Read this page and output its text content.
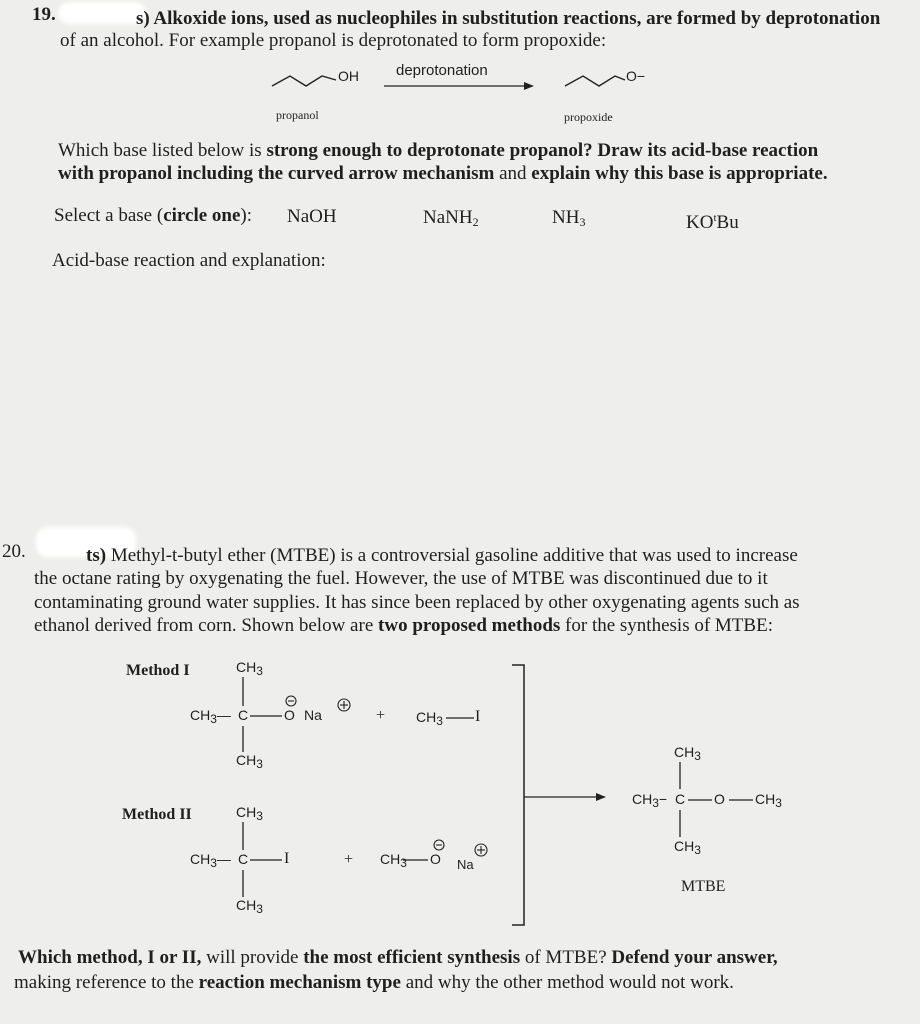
19.	s) Alkoxide ions, used as nucleophiles in substitution reactions, are formed by deprotonation
of an alcohol. For example propanol is deprotonated to form propoxide:
OH deprotonation	O−
propanol	propoxide
Which base listed below is strong enough to deprotonate propanol? Draw its acid-base reaction
with propanol including the curved arrow mechanism and explain why this base is appropriate.
Select a base (circle one): NaOH	NaNH$_2$	$NH_3$	$KO^tBu$
Acid-base reaction and explanation:
20.	ts) Methyl-t-butyl ether (MTBE) is a controversial gasoline additive that was used to increase
the octane rating by oxygenating the fuel. However, the use of MTBE was discontinued due to it
contaminating ground water supplies. It has since been replaced by other oxygenating agents such as
ethanol derived from corn. Shown below are two proposed methods for the synthesis of MTBE:
Method I
Method II
CH3
CH3— C	O Na	+ CH3 I
CH3
CH3
CH3— C I	+ CH3 O Na
CH3
CH3
CH3− C O CH3
CH3
MTBE
Which method, I or II, will provide the most efficient synthesis of MTBE? Defend your answer,
making reference to the reaction mechanism type and why the other method would not work.
